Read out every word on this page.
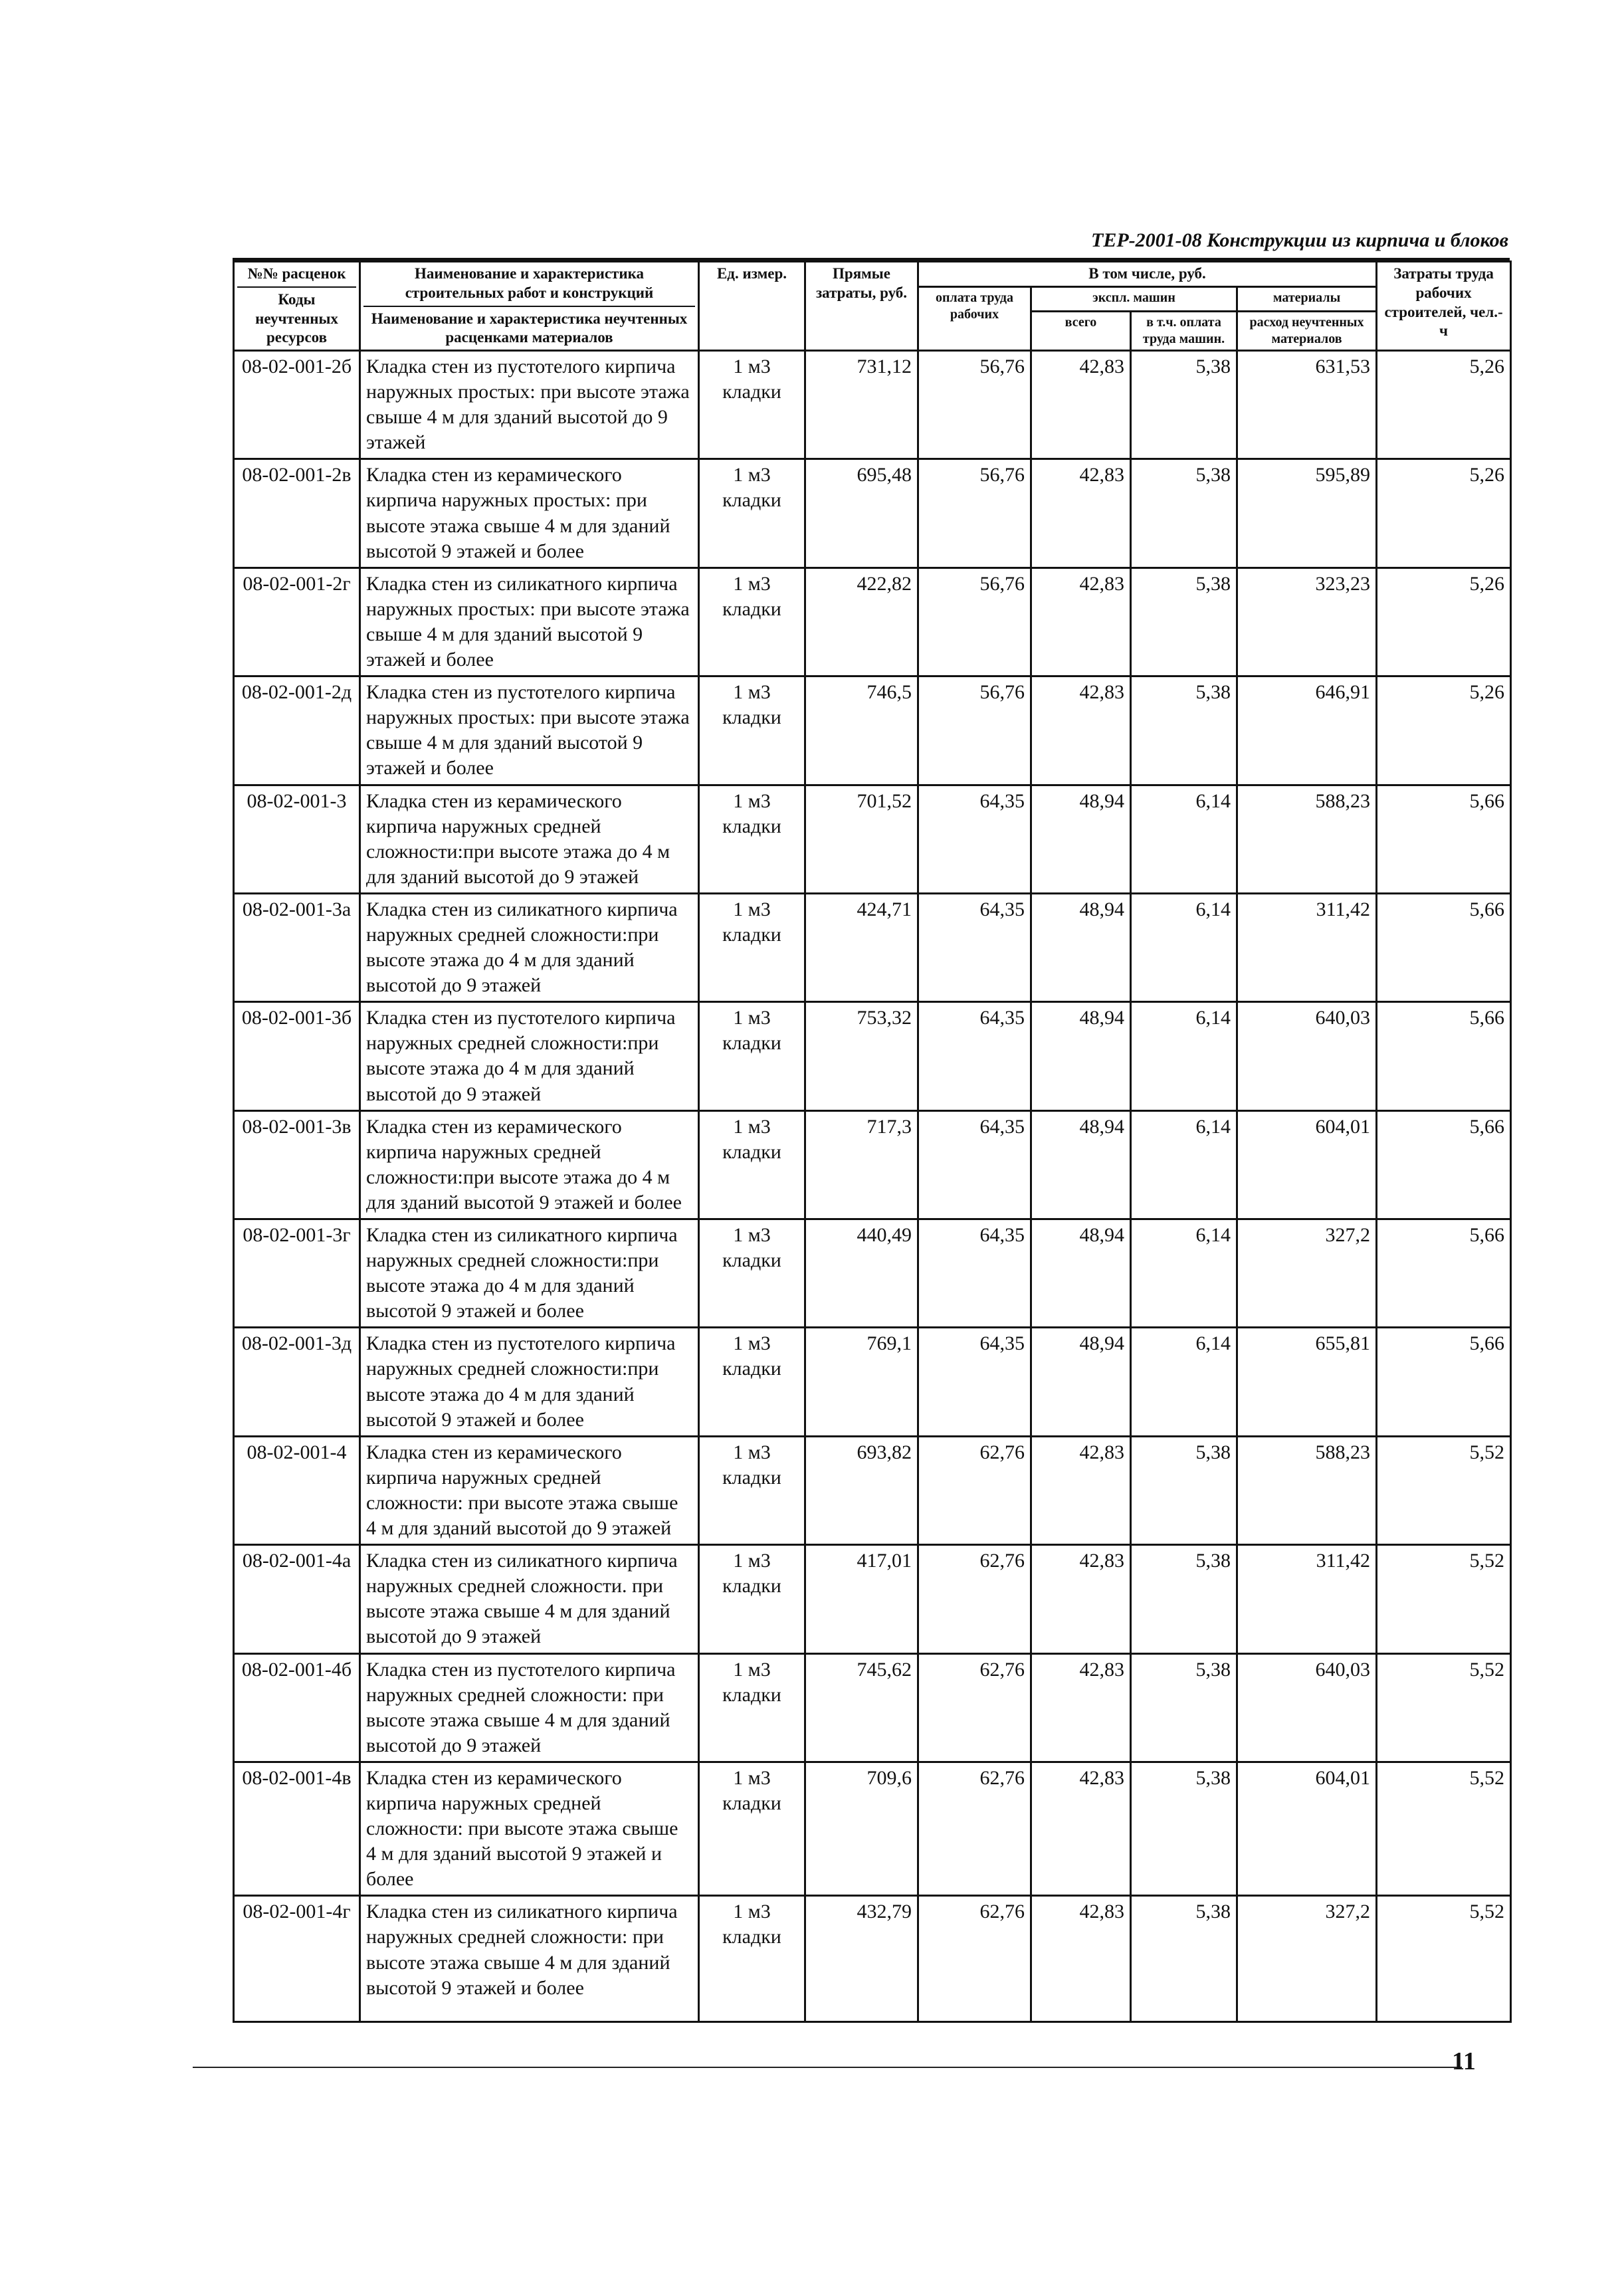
ТЕР-2001-08 Конструкции из кирпича и блоков
№№ расценок
Коды неучтенных ресурсов	Наименование и характеристика строительных работ и конструкций
Наименование и характеристика неучтенных расценками материалов	Ед. измер.	Прямые затраты, руб.	В том числе, руб.				Затраты труда рабочих строителей, чел.-ч
				оплата труда рабочих	экспл. машин		материалы	
					всего	в т.ч. оплата труда машин.	расход неучтенных материалов	
08-02-001-2б	Кладка стен из пустотелого кирпича наружных простых: при высоте этажа свыше 4 м для зданий высотой до 9 этажей	1 м3 кладки	731,12	56,76	42,83	5,38	631,53	5,26
08-02-001-2в	Кладка стен из керамического кирпича наружных простых: при высоте этажа свыше 4 м для зданий высотой 9 этажей и более	1 м3 кладки	695,48	56,76	42,83	5,38	595,89	5,26
08-02-001-2г	Кладка стен из силикатного кирпича наружных простых: при высоте этажа свыше 4 м для зданий высотой 9 этажей и более	1 м3 кладки	422,82	56,76	42,83	5,38	323,23	5,26
08-02-001-2д	Кладка стен из пустотелого кирпича наружных простых: при высоте этажа свыше 4 м для зданий высотой 9 этажей и более	1 м3 кладки	746,5	56,76	42,83	5,38	646,91	5,26
08-02-001-3	Кладка стен из керамического кирпича наружных средней сложности:при высоте этажа до 4 м для зданий высотой до 9 этажей	1 м3 кладки	701,52	64,35	48,94	6,14	588,23	5,66
08-02-001-3а	Кладка стен из силикатного кирпича наружных средней сложности:при высоте этажа до 4 м для зданий высотой до 9 этажей	1 м3 кладки	424,71	64,35	48,94	6,14	311,42	5,66
08-02-001-3б	Кладка стен из пустотелого кирпича наружных средней сложности:при высоте этажа до 4 м для зданий высотой до 9 этажей	1 м3 кладки	753,32	64,35	48,94	6,14	640,03	5,66
08-02-001-3в	Кладка стен из керамического кирпича наружных средней сложности:при высоте этажа до 4 м для зданий высотой 9 этажей и более	1 м3 кладки	717,3	64,35	48,94	6,14	604,01	5,66
08-02-001-3г	Кладка стен из силикатного кирпича наружных средней сложности:при высоте этажа до 4 м для зданий высотой 9 этажей и более	1 м3 кладки	440,49	64,35	48,94	6,14	327,2	5,66
08-02-001-3д	Кладка стен из пустотелого кирпича наружных средней сложности:при высоте этажа до 4 м для зданий высотой 9 этажей и более	1 м3 кладки	769,1	64,35	48,94	6,14	655,81	5,66
08-02-001-4	Кладка стен из керамического кирпича наружных средней сложности: при высоте этажа свыше 4 м для зданий высотой до 9 этажей	1 м3 кладки	693,82	62,76	42,83	5,38	588,23	5,52
08-02-001-4а	Кладка стен из силикатного кирпича наружных средней сложности. при высоте этажа свыше 4 м для зданий высотой до 9 этажей	1 м3 кладки	417,01	62,76	42,83	5,38	311,42	5,52
08-02-001-4б	Кладка стен из пустотелого кирпича наружных средней сложности: при высоте этажа свыше 4 м для зданий высотой до 9 этажей	1 м3 кладки	745,62	62,76	42,83	5,38	640,03	5,52
08-02-001-4в	Кладка стен из керамического кирпича наружных средней сложности: при высоте этажа свыше 4 м для зданий высотой 9 этажей и более	1 м3 кладки	709,6	62,76	42,83	5,38	604,01	5,52
08-02-001-4г	Кладка стен из силикатного кирпича наружных средней сложности: при высоте этажа свыше 4 м для зданий высотой 9 этажей и более	1 м3 кладки	432,79	62,76	42,83	5,38	327,2	5,52
11
